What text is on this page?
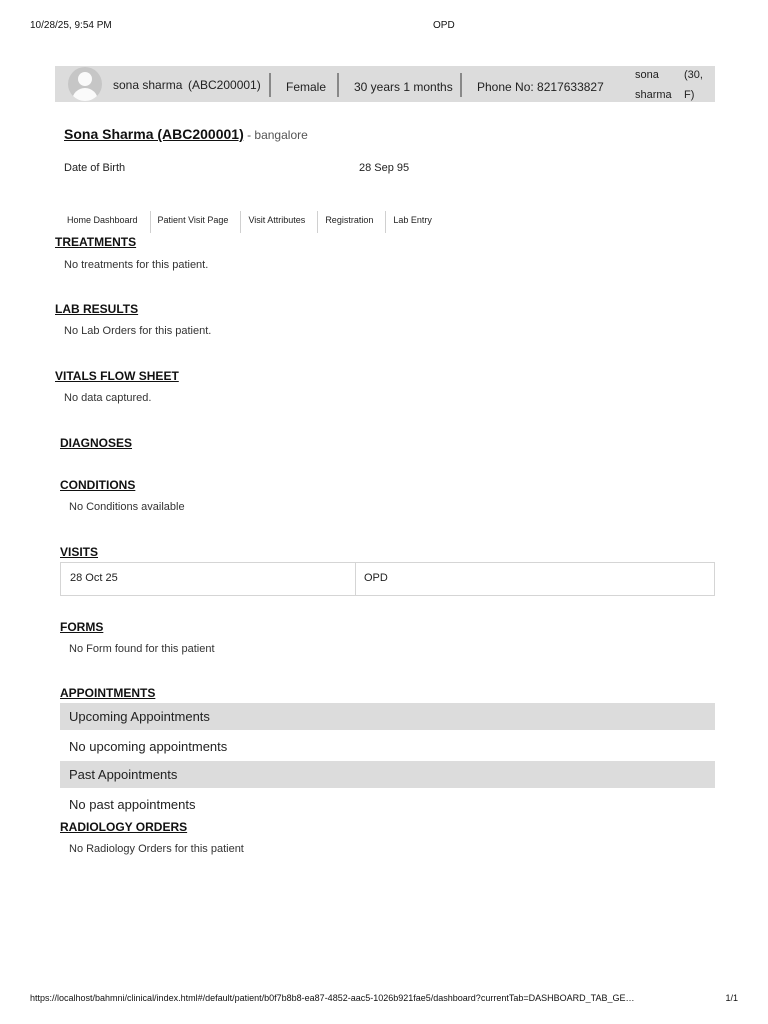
10/28/25, 9:54 PM	OPD
sona sharma (ABC200001) Female 30 years 1 months Phone No: 8217633827
sona
sharma
(30,
F)
Sona Sharma (ABC200001) - bangalore
Date of Birth	28 Sep 95
Home Dashboard	Patient Visit Page	Visit Attributes	Registration	Lab Entry
TREATMENTS
No treatments for this patient.
LAB RESULTS
No Lab Orders for this patient.
VITALS FLOW SHEET
No data captured.
DIAGNOSES
CONDITIONS
No Conditions available
VISITS
28 Oct 25	OPD
FORMS
No Form found for this patient
APPOINTMENTS
Upcoming Appointments
No upcoming appointments
Past Appointments
No past appointments
RADIOLOGY ORDERS
No Radiology Orders for this patient
https://localhost/bahmni/clinical/index.html#/default/patient/b0f7b8b8-ea87-4852-aac5-1026b921fae5/dashboard?currentTab=DASHBOARD_TAB_GE…	1/1
